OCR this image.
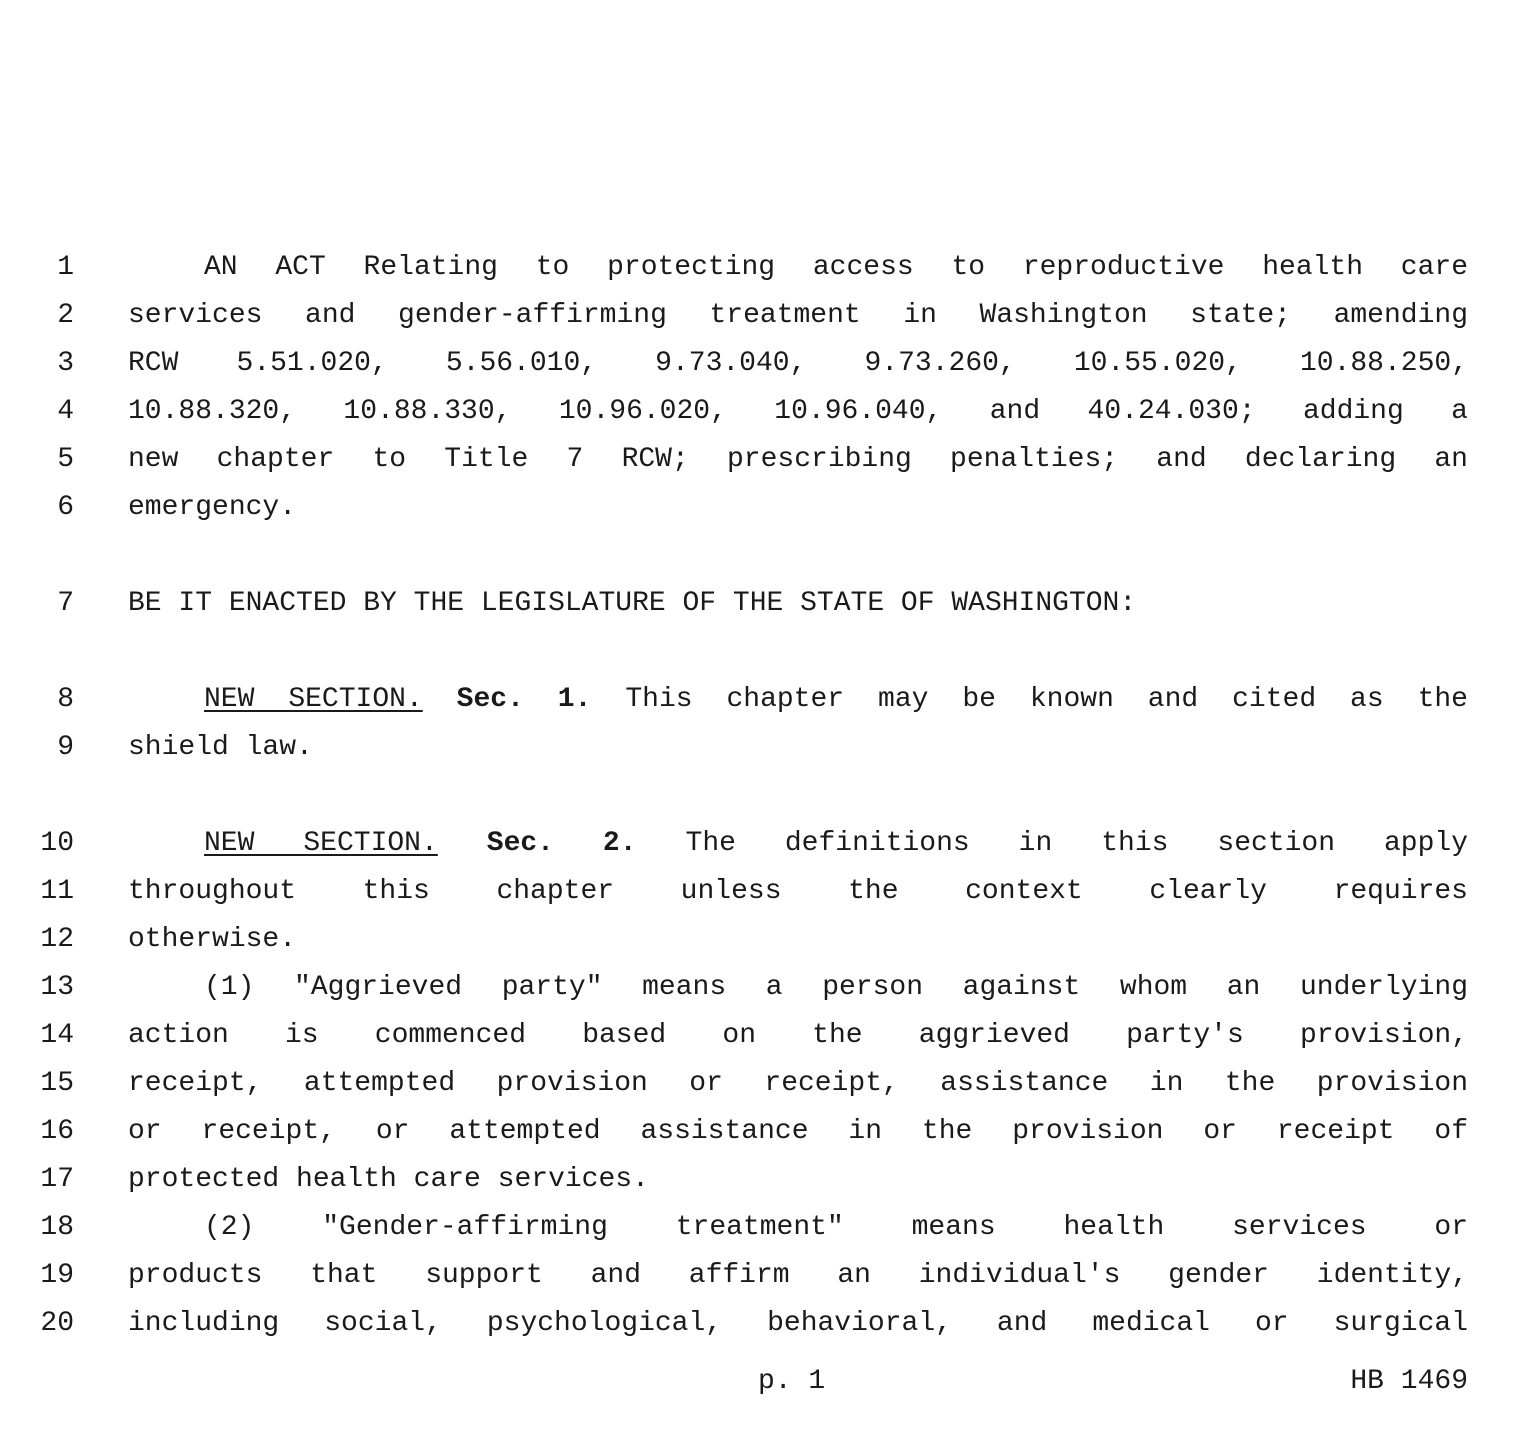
1	AN ACT Relating to protecting access to reproductive health care
2 services and gender-affirming treatment in Washington state; amending
3 RCW 5.51.020, 5.56.010, 9.73.040, 9.73.260, 10.55.020, 10.88.250,
4 10.88.320, 10.88.330, 10.96.020, 10.96.040, and 40.24.030; adding a
5 new chapter to Title 7 RCW; prescribing penalties; and declaring an
6 emergency.
7 BE IT ENACTED BY THE LEGISLATURE OF THE STATE OF WASHINGTON:
8	NEW SECTION. Sec. 1. This chapter may be known and cited as the
9 shield law.
10	NEW SECTION. Sec. 2. The definitions in this section apply
11 throughout this chapter unless the context clearly requires
12 otherwise.
13	(1) "Aggrieved party" means a person against whom an underlying
14 action is commenced based on the aggrieved party's provision,
15 receipt, attempted provision or receipt, assistance in the provision
16 or receipt, or attempted assistance in the provision or receipt of
17 protected health care services.
18	(2) "Gender-affirming treatment" means health services or
19 products that support and affirm an individual's gender identity,
20 including social, psychological, behavioral, and medical or surgical
p. 1	HB 1469
